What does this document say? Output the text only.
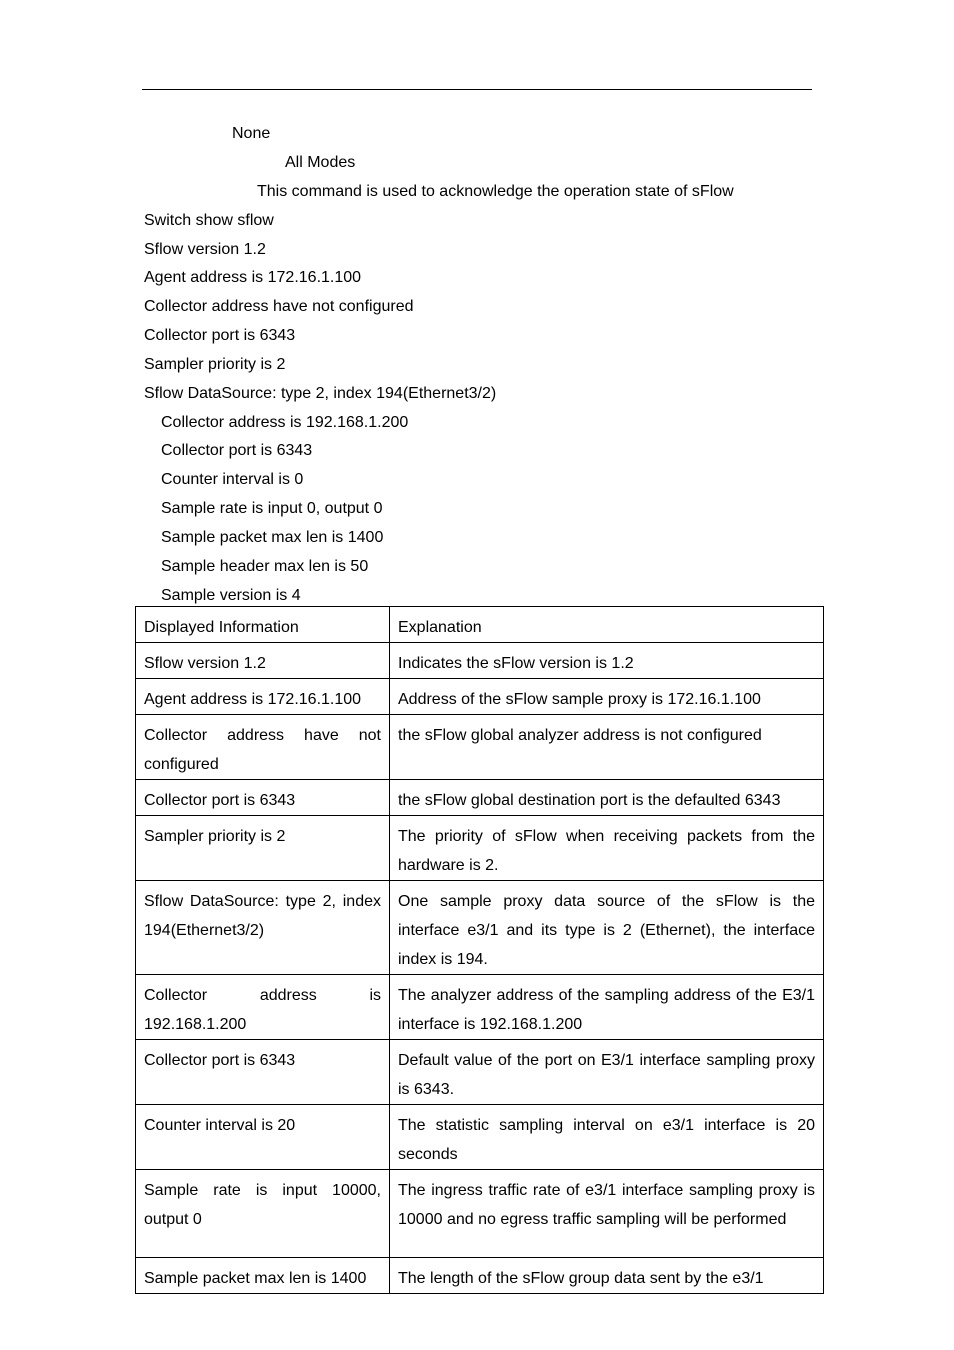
None
All Modes
This command is used to acknowledge the operation state of sFlow
Switch show sflow
Sflow version 1.2
Agent address is 172.16.1.100
Collector address have not configured
Collector port is 6343
Sampler priority is 2
Sflow DataSource: type 2, index 194(Ethernet3/2)
Collector address is 192.168.1.200
Collector port is 6343
Counter interval is 0
Sample rate is input 0, output 0
Sample packet max len is 1400
Sample header max len is 50
Sample version is 4
Displayed Information	Explanation
Sflow version 1.2	Indicates the sFlow version is 1.2
Agent address is 172.16.1.100	Address of the sFlow sample proxy is 172.16.1.100
Collector address have not configured	the sFlow global analyzer address is not configured
Collector port is 6343	the sFlow global destination port is the defaulted 6343
Sampler priority is 2	The priority of sFlow when receiving packets from the hardware is 2.
Sflow DataSource: type 2, index 194(Ethernet3/2)	One sample proxy data source of the sFlow is the interface e3/1 and its type is 2 (Ethernet), the interface index is 194.
Collector address is 192.168.1.200	The analyzer address of the sampling address of the E3/1 interface is 192.168.1.200
Collector port is 6343	Default value of the port on E3/1 interface sampling proxy is 6343.
Counter interval is 20	The statistic sampling interval on e3/1 interface is 20 seconds
Sample rate is input 10000, output 0	The ingress traffic rate of e3/1 interface sampling proxy is 10000 and no egress traffic sampling will be performed
Sample packet max len is 1400	The length of the sFlow group data sent by the e3/1
